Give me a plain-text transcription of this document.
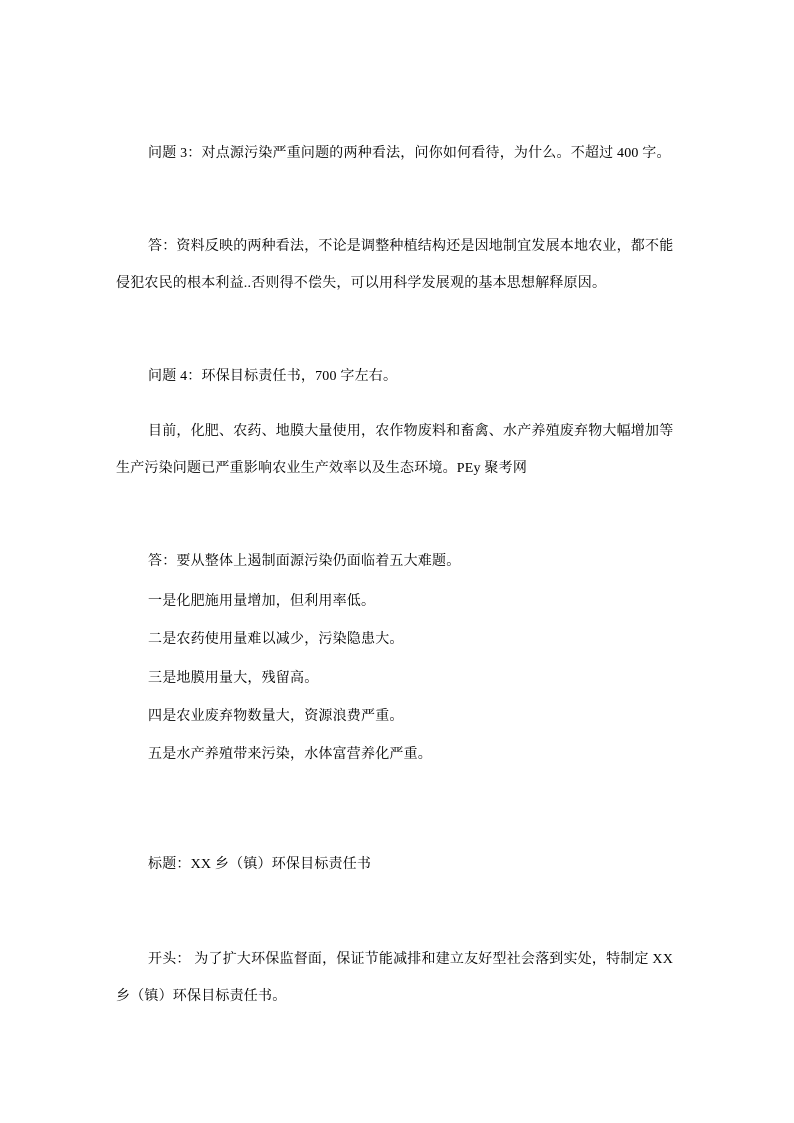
问题 3：对点源污染严重问题的两种看法，问你如何看待，为什么。不超过 400 字。

答：资料反映的两种看法，不论是调整种植结构还是因地制宜发展本地农业，都不能
侵犯农民的根本利益..否则得不偿失，可以用科学发展观的基本思想解释原因。

问题 4：环保目标责任书，700 字左右。

目前，化肥、农药、地膜大量使用，农作物废料和畜禽、水产养殖废弃物大幅增加等
生产污染问题已严重影响农业生产效率以及生态环境。PEy 聚考网

答：要从整体上遏制面源污染仍面临着五大难题。

一是化肥施用量增加，但利用率低。

二是农药使用量难以减少，污染隐患大。

三是地膜用量大，残留高。

四是农业废弃物数量大，资源浪费严重。

五是水产养殖带来污染，水体富营养化严重。

标题：XX 乡（镇）环保目标责任书

开头： 为了扩大环保监督面，保证节能减排和建立友好型社会落到实处，特制定 XX
乡（镇）环保目标责任书。
